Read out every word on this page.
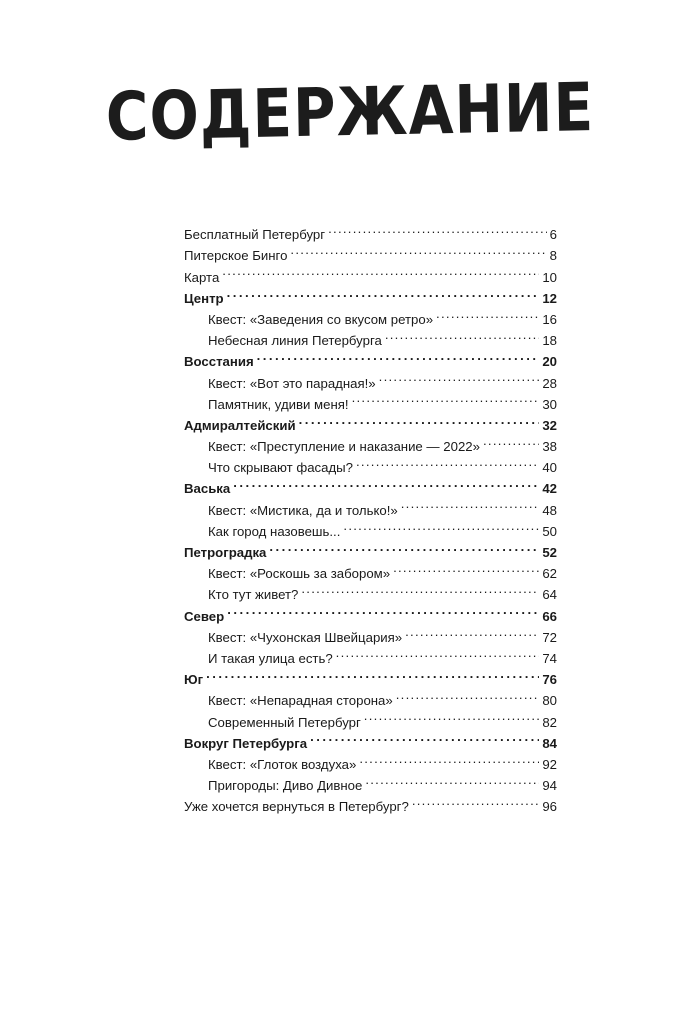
СОДЕРЖАНИЕ
Бесплатный Петербург . . .	6
Питерское Бинго . . .	8
Карта . . .	10
Центр . . .	12
Квест: «Заведения со вкусом ретро» . . .	16
Небесная линия Петербурга . . .	18
Восстания . . .	20
Квест: «Вот это парадная!» . . .	28
Памятник, удиви меня! . . .	30
Адмиралтейский . . .	32
Квест: «Преступление и наказание — 2022» . . .	38
Что скрывают фасады? . . .	40
Васька . . .	42
Квест: «Мистика, да и только!» . . .	48
Как город назовешь... . . .	50
Петроградка . . .	52
Квест: «Роскошь за забором» . . .	62
Кто тут живет? . . .	64
Север . . .	66
Квест: «Чухонская Швейцария» . . .	72
И такая улица есть? . . .	74
Юг . . .	76
Квест: «Непарадная сторона» . . .	80
Современный Петербург . . .	82
Вокруг Петербурга . . .	84
Квест: «Глоток воздуха» . . .	92
Пригороды: Диво Дивное . . .	94
Уже хочется вернуться в Петербург? . . .	96
